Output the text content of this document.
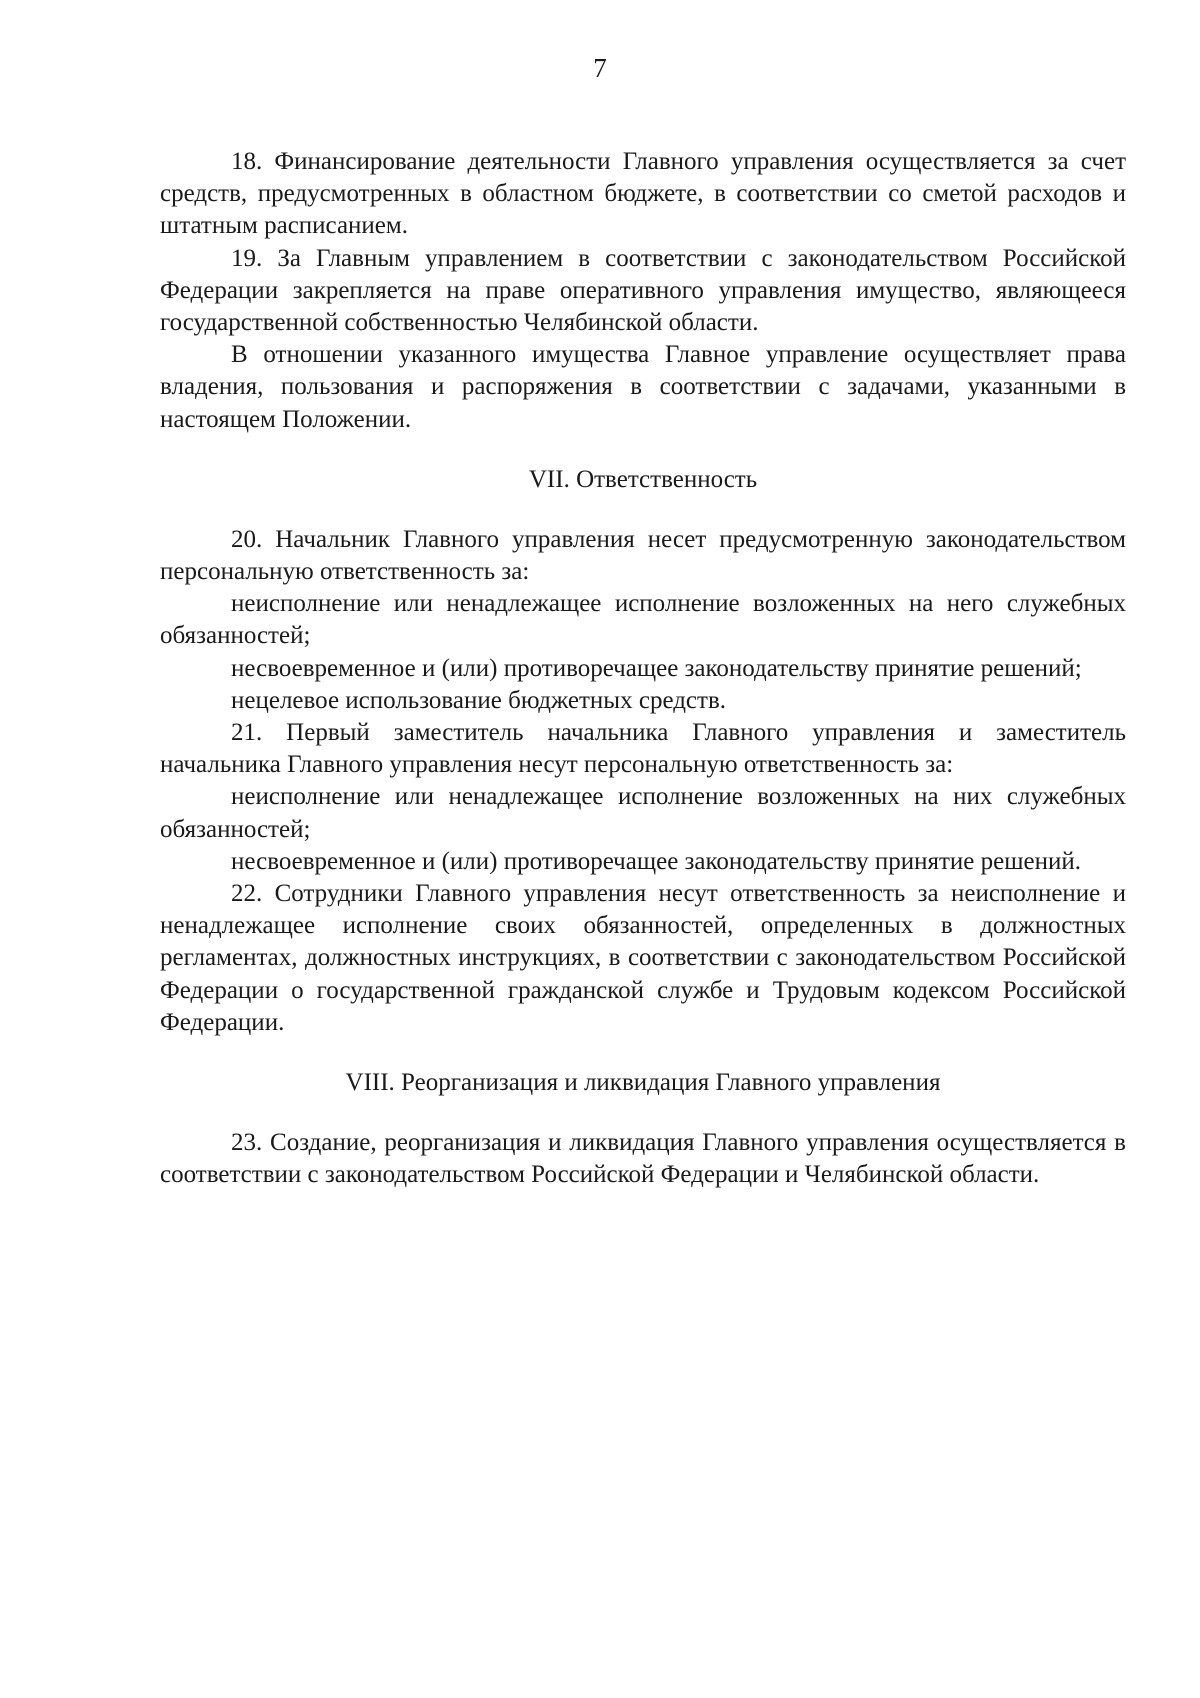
7

18. Финансирование деятельности Главного управления осуществляется за счет средств, предусмотренных в областном бюджете, в соответствии со сметой расходов и штатным расписанием.

19. За Главным управлением в соответствии с законодательством Российской Федерации закрепляется на праве оперативного управления имущество, являющееся государственной собственностью Челябинской области.

В отношении указанного имущества Главное управление осуществляет права владения, пользования и распоряжения в соответствии с задачами, указанными в настоящем Положении.

VII. Ответственность

20. Начальник Главного управления несет предусмотренную законодательством персональную ответственность за:

неисполнение или ненадлежащее исполнение возложенных на него служебных обязанностей;

несвоевременное и (или) противоречащее законодательству принятие решений;

нецелевое использование бюджетных средств.

21. Первый заместитель начальника Главного управления и заместитель начальника Главного управления несут персональную ответственность за:

неисполнение или ненадлежащее исполнение возложенных на них служебных обязанностей;

несвоевременное и (или) противоречащее законодательству принятие решений.

22. Сотрудники Главного управления несут ответственность за неисполнение и ненадлежащее исполнение своих обязанностей, определенных в должностных регламентах, должностных инструкциях, в соответствии с законодательством Российской Федерации о государственной гражданской службе и Трудовым кодексом Российской Федерации.

VIII. Реорганизация и ликвидация Главного управления

23. Создание, реорганизация и ликвидация Главного управления осуществляется в соответствии с законодательством Российской Федерации и Челябинской области.
